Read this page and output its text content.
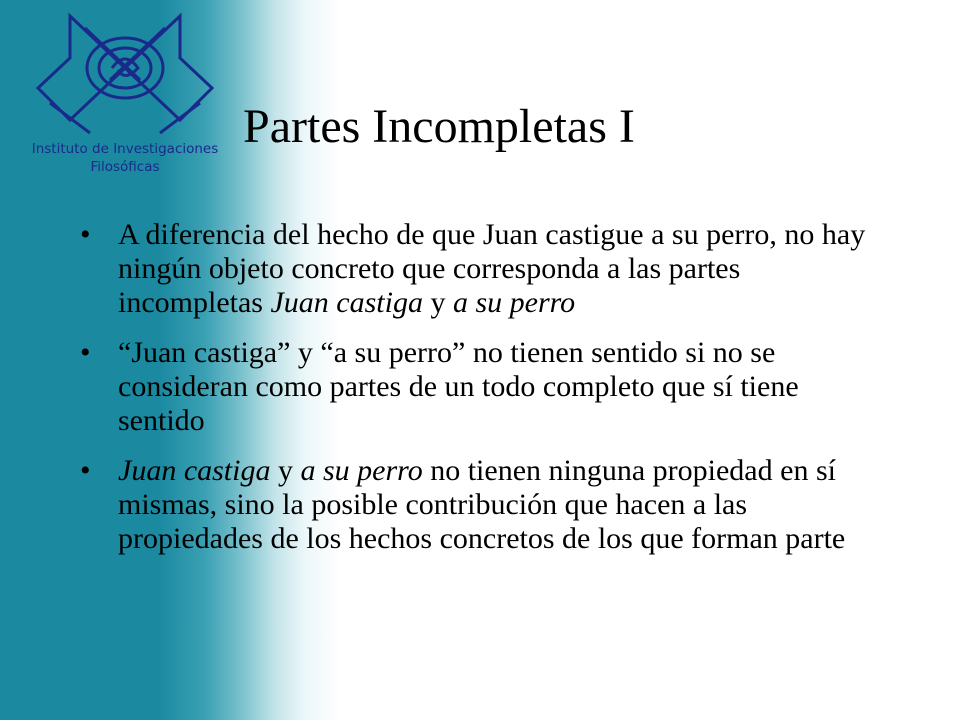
Instituto de Investigaciones
Filosóficas
Partes Incompletas I
• A diferencia del hecho de que Juan castigue a su perro, no hay ningún objeto concreto que corresponda a las partes incompletas Juan castiga y a su perro
• “Juan castiga” y “a su perro” no tienen sentido si no se consideran como partes de un todo completo que sí tiene sentido
• Juan castiga y a su perro no tienen ninguna propiedad en sí mismas, sino la posible contribución que hacen a las propiedades de los hechos concretos de los que forman parte
